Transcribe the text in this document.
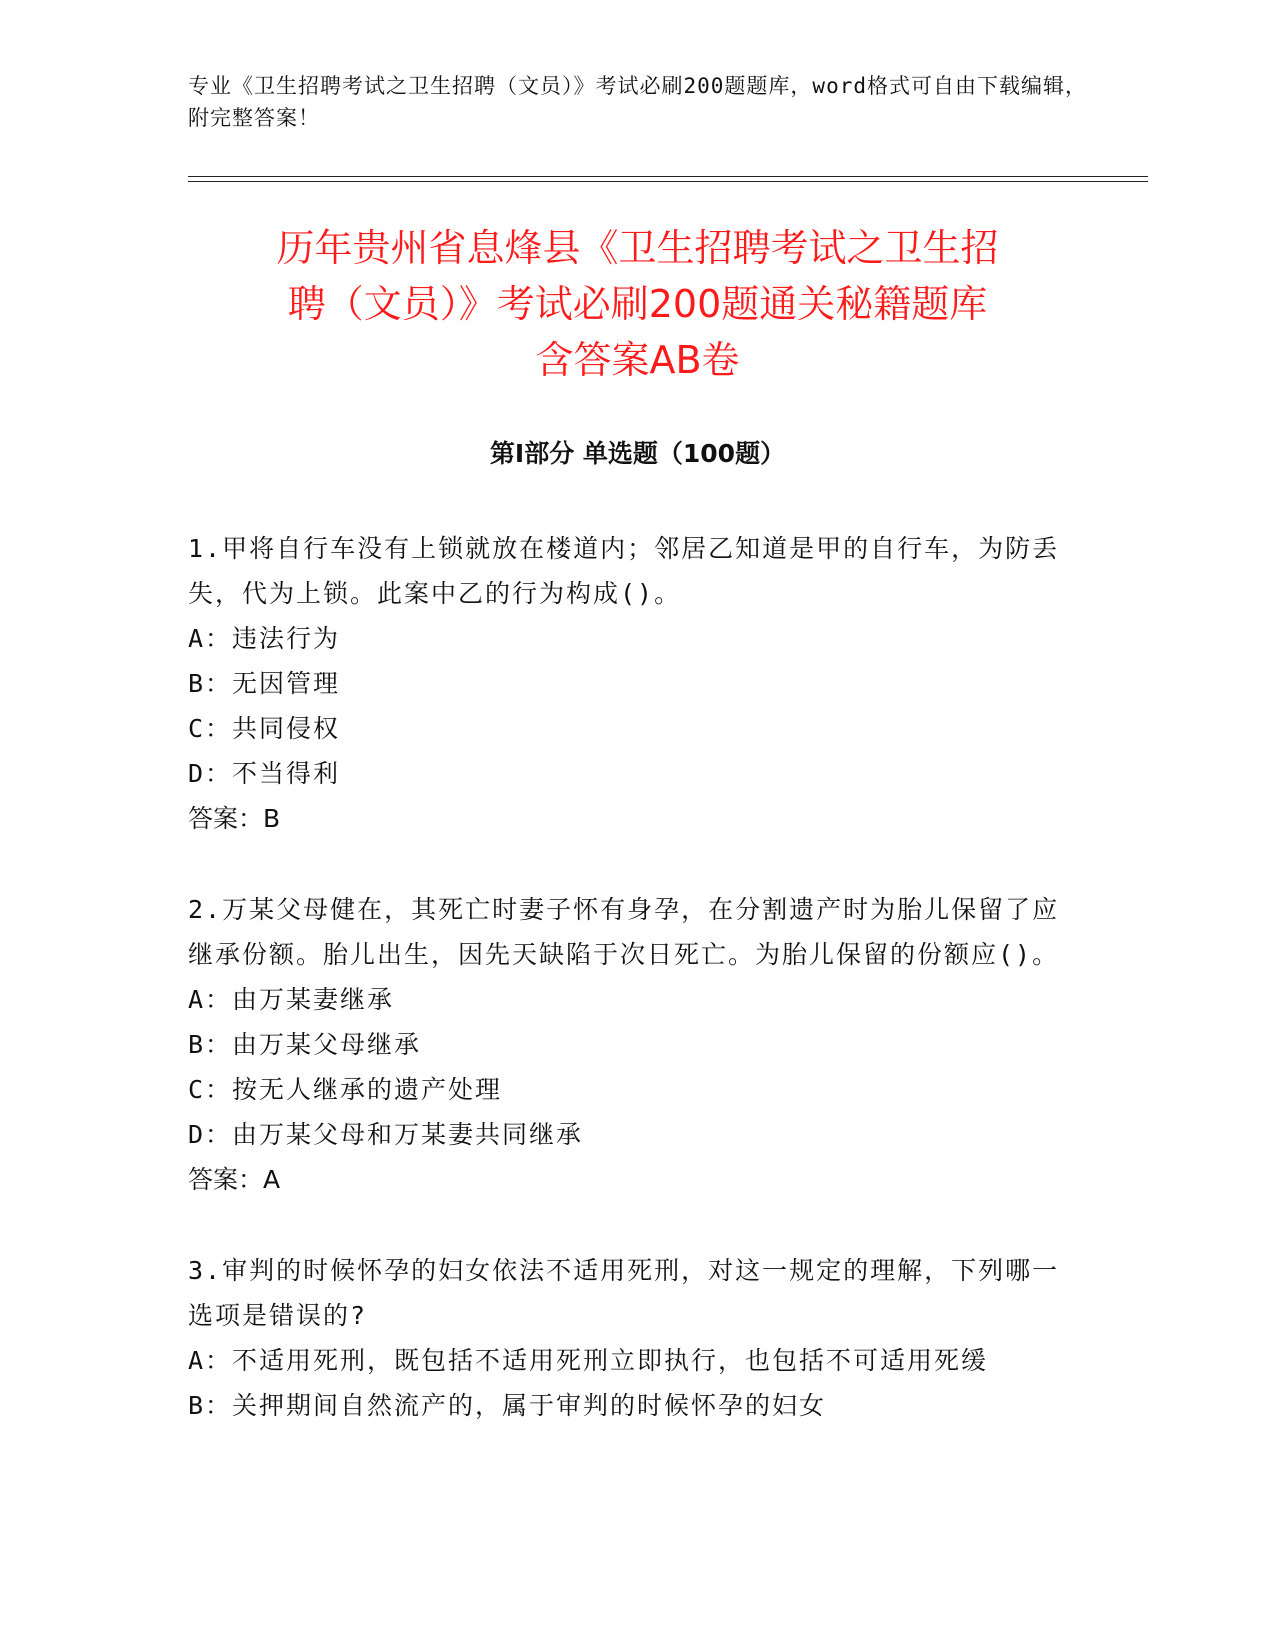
专业《卫生招聘考试之卫生招聘（文员）》考试必刷200题题库，word格式可自由下载编辑，附完整答案！
历年贵州省息烽县《卫生招聘考试之卫生招
聘（文员）》考试必刷200题通关秘籍题库
含答案AB卷
第Ⅰ部分 单选题（100题）

1.甲将自行车没有上锁就放在楼道内；邻居乙知道是甲的自行车，为防丢失，代为上锁。此案中乙的行为构成()。

A：违法行为

B：无因管理

C：共同侵权

D：不当得利

答案：B

2.万某父母健在，其死亡时妻子怀有身孕，在分割遗产时为胎儿保留了应继承份额。胎儿出生，因先天缺陷于次日死亡。为胎儿保留的份额应()。

A：由万某妻继承

B：由万某父母继承

C：按无人继承的遗产处理

D：由万某父母和万某妻共同继承

答案：A

3.审判的时候怀孕的妇女依法不适用死刑，对这一规定的理解，下列哪一选项是错误的?

A：不适用死刑，既包括不适用死刑立即执行，也包括不可适用死缓

B：关押期间自然流产的，属于审判的时候怀孕的妇女
